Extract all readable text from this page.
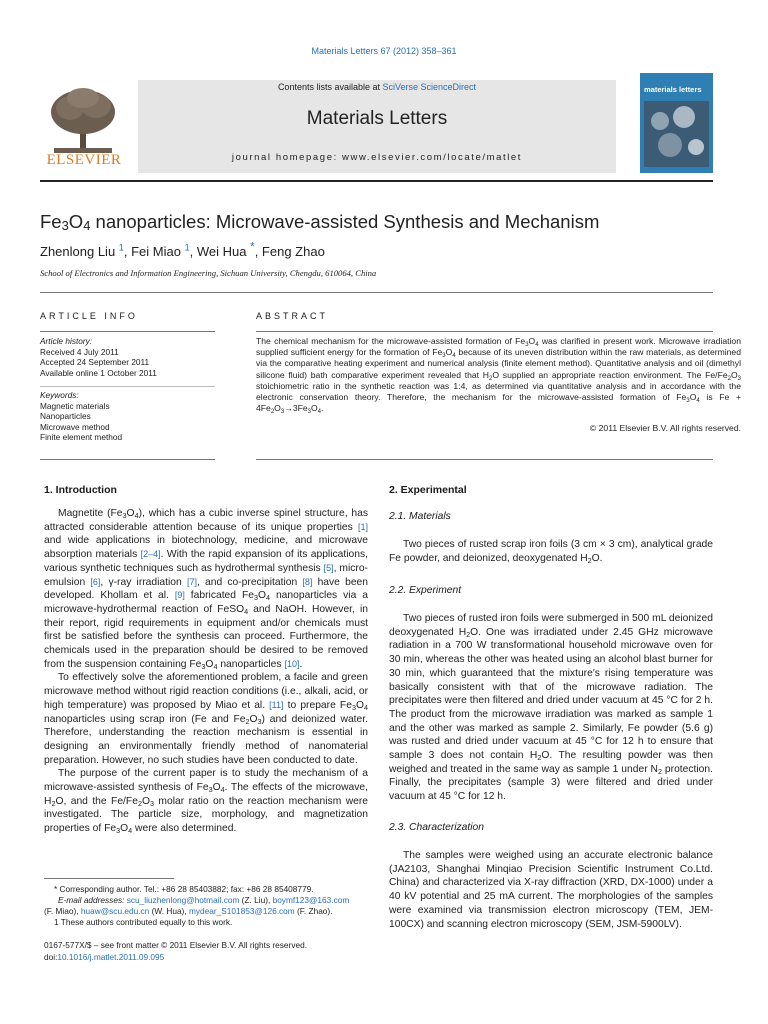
Materials Letters 67 (2012) 358–361
ELSEVIER
Contents lists available at SciVerse ScienceDirect
Materials Letters
journal homepage: www.elsevier.com/locate/matlet
materials letters
$Fe_3O_4$ nanoparticles: Microwave-assisted Synthesis and Mechanism
Zhenlong Liu $^1$, Fei Miao $^1$, Wei Hua *, Feng Zhao
School of Electronics and Information Engineering, Sichuan University, Chengdu, 610064, China
ARTICLE INFO
Article history:
Received 4 July 2011
Accepted 24 September 2011
Available online 1 October 2011
Keywords:
Magnetic materials
Nanoparticles
Microwave method
Finite element method
ABSTRACT
The chemical mechanism for the microwave-assisted formation of $Fe_3O_4$ was clarified in present work. Microwave irradiation supplied sufficient energy for the formation of $Fe_3O_4$ because of its uneven distribution within the raw materials, as determined via the comparative heating experiment and numerical analysis (finite element method). Quantitative analysis and oil (dimethyl silicone fluid) bath comparative experiment revealed that $H_2O$ supplied an appropriate reaction environment. The $Fe/Fe_2O_3$ stoichiometric ratio in the synthetic reaction was 1:4, as determined via quantitative analysis and in accordance with the electronic conservation theory. Therefore, the mechanism for the microwave-assisted formation of $Fe_3O_4$ is $Fe + 4Fe_2O_3\to 3Fe_3O_4$.
© 2011 Elsevier B.V. All rights reserved.
1. Introduction

Magnetite $(Fe_3O_4)$, which has a cubic inverse spinel structure, has attracted considerable attention because of its unique properties [1] and wide applications in biotechnology, medicine, and microwave absorption materials [2–4]. With the rapid expansion of its applications, various synthetic techniques such as hydrothermal synthesis [5], micro-emulsion [6], γ-ray irradiation [7], and co-precipitation [8] have been developed. Khollam et al. [9] fabricated $Fe_3O_4$ nanoparticles via a microwave-hydrothermal reaction of FeSO$_4$ and NaOH. However, in their report, rigid requirements in equipment and/or chemicals must first be satisfied before the synthesis can proceed. Furthermore, the chemicals used in the preparation should be desired to be removed from the suspension containing $Fe_3O_4$ nanoparticles [10].

To effectively solve the aforementioned problem, a facile and green microwave method without rigid reaction conditions (i.e., alkali, acid, or high temperature) was proposed by Miao et al. [11] to prepare $Fe_3O_4$ nanoparticles using scrap iron (Fe and $Fe_2O_3$) and deionized water. Therefore, understanding the reaction mechanism is essential in designing an environmentally friendly method of nanomaterial preparation. However, no such studies have been conducted to date.

The purpose of the current paper is to study the mechanism of a microwave-assisted synthesis of $Fe_3O_4$. The effects of the microwave, $H_2O$, and the $Fe/Fe_2O_3$ molar ratio on the reaction mechanism were investigated. The particle size, morphology, and magnetization properties of $Fe_3O_4$ were also determined.

* Corresponding author. Tel.: +86 28 85403882; fax: +86 28 85408779.
E-mail addresses: scu_liuzhenlong@hotmail.com (Z. Liu), boymf123@163.com
(F. Miao), huaw@scu.edu.cn (W. Hua), mydear_S101853@126.com (F. Zhao).
1 These authors contributed equally to this work.
0167-577X/$ – see front matter © 2011 Elsevier B.V. All rights reserved.
doi:10.1016/j.matlet.2011.09.095
2. Experimental
2.1. Materials

Two pieces of rusted scrap iron foils (3 cm × 3 cm), analytical grade Fe powder, and deionized, deoxygenated $H_2O$.

2.2. Experiment

Two pieces of rusted iron foils were submerged in 500 mL deionized deoxygenated $H_2O$. One was irradiated under 2.45 GHz microwave radiation in a 700 W transformational household microwave oven for 30 min, whereas the other was heated using an alcohol blast burner for 30 min, which guaranteed that the mixture's rising temperature was basically consistent with that of the microwave radiation. The precipitates were then filtered and dried under vacuum at 45 °C for 2 h. The product from the microwave irradiation was marked as sample 1 and the other was marked as sample 2. Similarly, Fe powder (5.6 g) was rusted and dried under vacuum at 45 °C for 12 h to ensure that sample 3 does not contain $H_2O$. The resulting powder was then weighed and treated in the same way as sample 1 under $N_2$ protection. Finally, the precipitates (sample 3) were filtered and dried under vacuum at 45 °C for 12 h.

2.3. Characterization

The samples were weighed using an accurate electronic balance (JA2103, Shanghai Minqiao Precision Scientific Instrument Co.Ltd. China) and characterized via X-ray diffraction (XRD, DX-1000) under a 40 kV potential and 25 mA current. The morphologies of the samples were examined via transmission electron microscopy (TEM, JEM-100CX) and scanning electron microscopy (SEM, JSM-5900LV).
